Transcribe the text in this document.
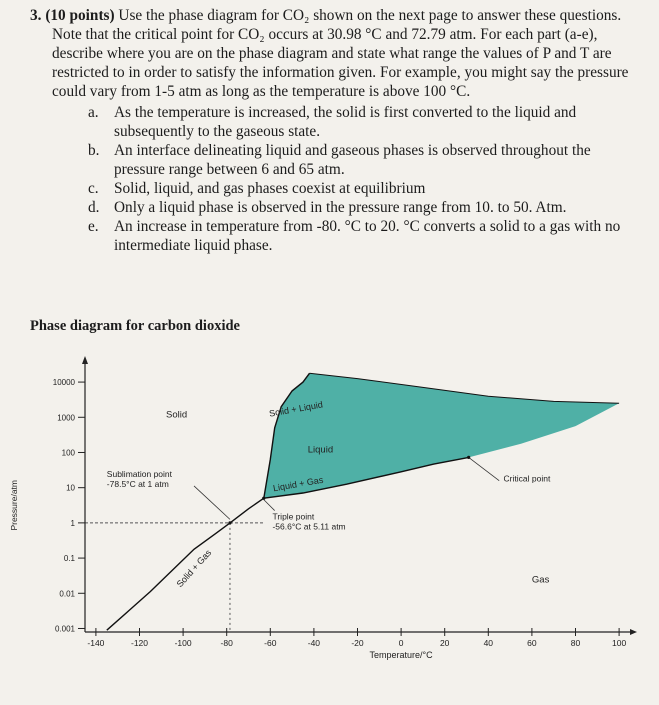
3. (10 points) Use the phase diagram for CO₂ shown on the next page to answer these questions. Note that the critical point for CO₂ occurs at 30.98 °C and 72.79 atm. For each part (a-e), describe where you are on the phase diagram and state what range the values of P and T are restricted to in order to satisfy the information given. For example, you might say the pressure could vary from 1-5 atm as long as the temperature is above 100 °C.
a. As the temperature is increased, the solid is first converted to the liquid and subsequently to the gaseous state.
b. An interface delineating liquid and gaseous phases is observed throughout the pressure range between 6 and 65 atm.
c. Solid, liquid, and gas phases coexist at equilibrium
d. Only a liquid phase is observed in the pressure range from 10. to 50. Atm.
e. An increase in temperature from -80. °C to 20. °C converts a solid to a gas with no intermediate liquid phase.
Phase diagram for carbon dioxide
10000
1000
100
10
1
0.1
0.01
0.001
-140	-120	-100	-80	-60	-40	-20	0	20	40	60	80	100
Temperature/°C
Pressure/atm
Solid
Liquid
Gas
Solid + Liquid
Liquid + Gas
Solid + Gas
Sublimation point
-78.5°C at 1 atm
Triple point
-56.6°C at 5.11 atm
Critical point
